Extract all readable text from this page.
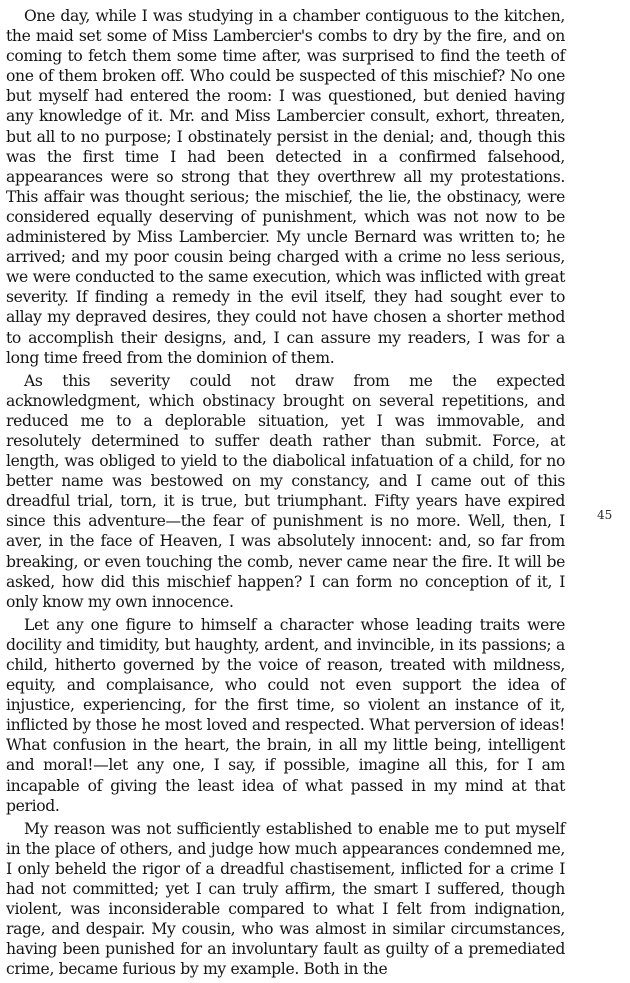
One day, while I was studying in a chamber contiguous to the kitchen, the maid set some of Miss Lambercier's combs to dry by the fire, and on coming to fetch them some time after, was surprised to find the teeth of one of them broken off. Who could be suspected of this mischief? No one but myself had entered the room: I was questioned, but denied having any knowledge of it. Mr. and Miss Lambercier consult, exhort, threaten, but all to no purpose; I obstinately persist in the denial; and, though this was the first time I had been detected in a confirmed falsehood, appearances were so strong that they overthrew all my protestations. This affair was thought serious; the mischief, the lie, the obstinacy, were considered equally deserving of punishment, which was not now to be administered by Miss Lambercier. My uncle Bernard was written to; he arrived; and my poor cousin being charged with a crime no less serious, we were conducted to the same execution, which was inflicted with great severity. If finding a remedy in the evil itself, they had sought ever to allay my depraved desires, they could not have chosen a shorter method to accomplish their designs, and, I can assure my readers, I was for a long time freed from the dominion of them.

As this severity could not draw from me the expected acknowledgment, which obstinacy brought on several repetitions, and reduced me to a deplorable situation, yet I was immovable, and resolutely determined to suffer death rather than submit. Force, at length, was obliged to yield to the diabolical infatuation of a child, for no better name was bestowed on my constancy, and I came out of this dreadful trial, torn, it is true, but triumphant. Fifty years have expired since this adventure—the fear of punishment is no more. Well, then, I aver, in the face of Heaven, I was absolutely innocent: and, so far from breaking, or even touching the comb, never came near the fire. It will be asked, how did this mischief happen? I can form no conception of it, I only know my own innocence.

Let any one figure to himself a character whose leading traits were docility and timidity, but haughty, ardent, and invincible, in its passions; a child, hitherto governed by the voice of reason, treated with mildness, equity, and complaisance, who could not even support the idea of injustice, experiencing, for the first time, so violent an instance of it, inflicted by those he most loved and respected. What perversion of ideas! What confusion in the heart, the brain, in all my little being, intelligent and moral!—let any one, I say, if possible, imagine all this, for I am incapable of giving the least idea of what passed in my mind at that period.

My reason was not sufficiently established to enable me to put myself in the place of others, and judge how much appearances condemned me, I only beheld the rigor of a dreadful chastisement, inflicted for a crime I had not committed; yet I can truly affirm, the smart I suffered, though violent, was inconsiderable compared to what I felt from indignation, rage, and despair. My cousin, who was almost in similar circumstances, having been punished for an involuntary fault as guilty of a premediated crime, became furious by my example. Both in the

45
